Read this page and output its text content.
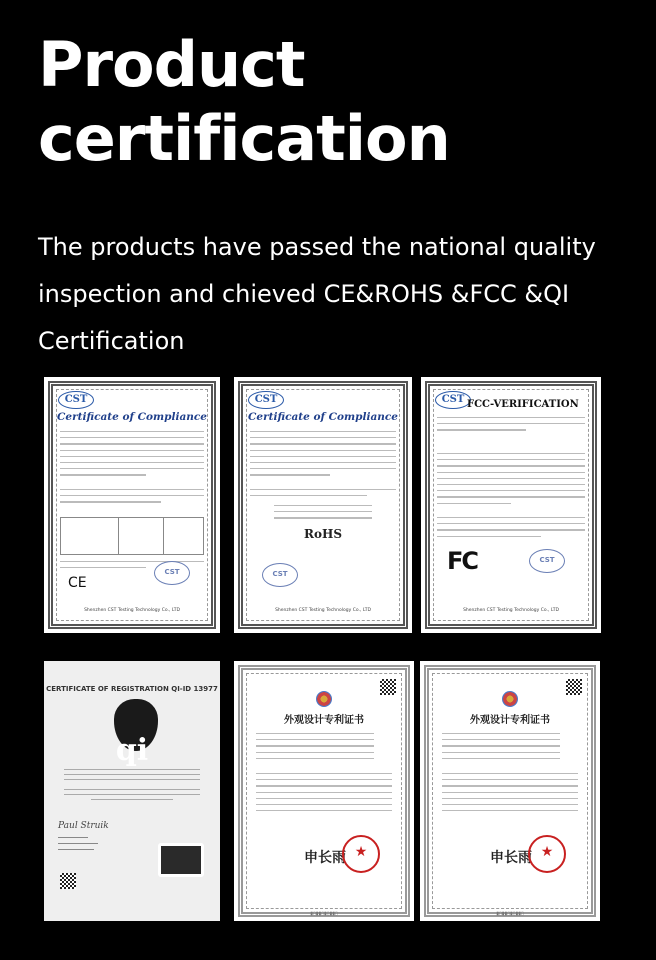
Product
certification

The products have passed the national quality inspection and chieved CE&ROHS &FCC &QI Certification

CST
Certificate of Compliance
CE
CST
Shenzhen CST Testing Technology Co., LTD
CST
Certificate of Compliance
RoHS
CST
Shenzhen CST Testing Technology Co., LTD
CST FCC-VERIFICATION
FC	CST
Shenzhen CST Testing Technology Co., LTD
CERTIFICATE OF REGISTRATION QI-ID 13977
qi
Paul Struik
外观设计专利证书
申长雨
★
▮▯▮▮▯▮▯▮▮▯
外观设计专利证书
申长雨
★
▮▯▮▮▯▮▯▮▮▯
